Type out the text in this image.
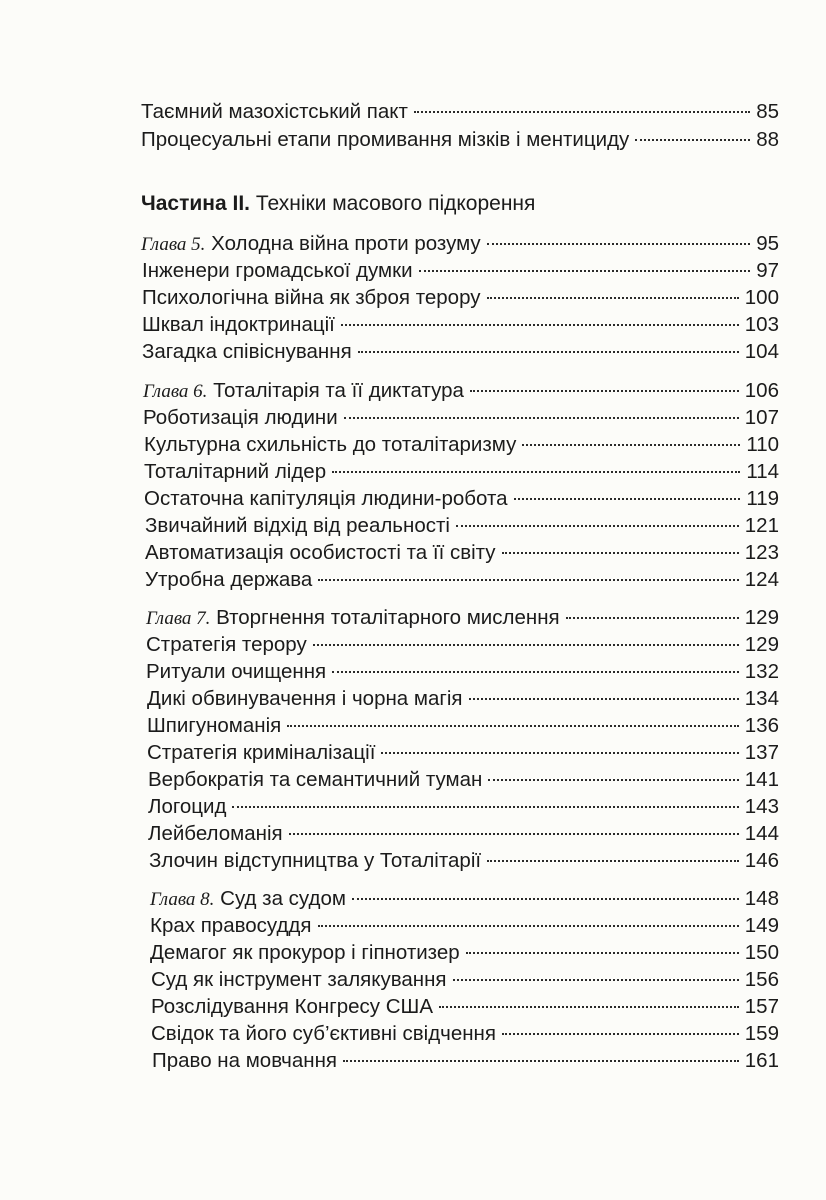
Таємний мазохістський пакт	85
Процесуальні етапи промивання мізків і ментициду	88
Частина II. Техніки масового підкорення
Глава 5. Холодна війна проти розуму	95
Інженери громадської думки	97
Психологічна війна як зброя терору	100
Шквал індоктринації	103
Загадка співіснування	104
Глава 6. Тоталітарія та її диктатура	106
Роботизація людини	107
Культурна схильність до тоталітаризму	110
Тоталітарний лідер	114
Остаточна капітуляція людини-робота	119
Звичайний відхід від реальності	121
Автоматизація особистості та її світу	123
Утробна держава	124
Глава 7. Вторгнення тоталітарного мислення	129
Стратегія терору	129
Ритуали очищення	132
Дикі обвинувачення і чорна магія	134
Шпигуноманія	136
Стратегія криміналізації	137
Вербократія та семантичний туман	141
Логоцид	143
Лейбеломанія	144
Злочин відступництва у Тоталітарії	146
Глава 8. Суд за судом	148
Крах правосуддя	149
Демагог як прокурор і гіпнотизер	150
Суд як інструмент залякування	156
Розслідування Конгресу США	157
Свідок та його суб’єктивні свідчення	159
Право на мовчання	161
